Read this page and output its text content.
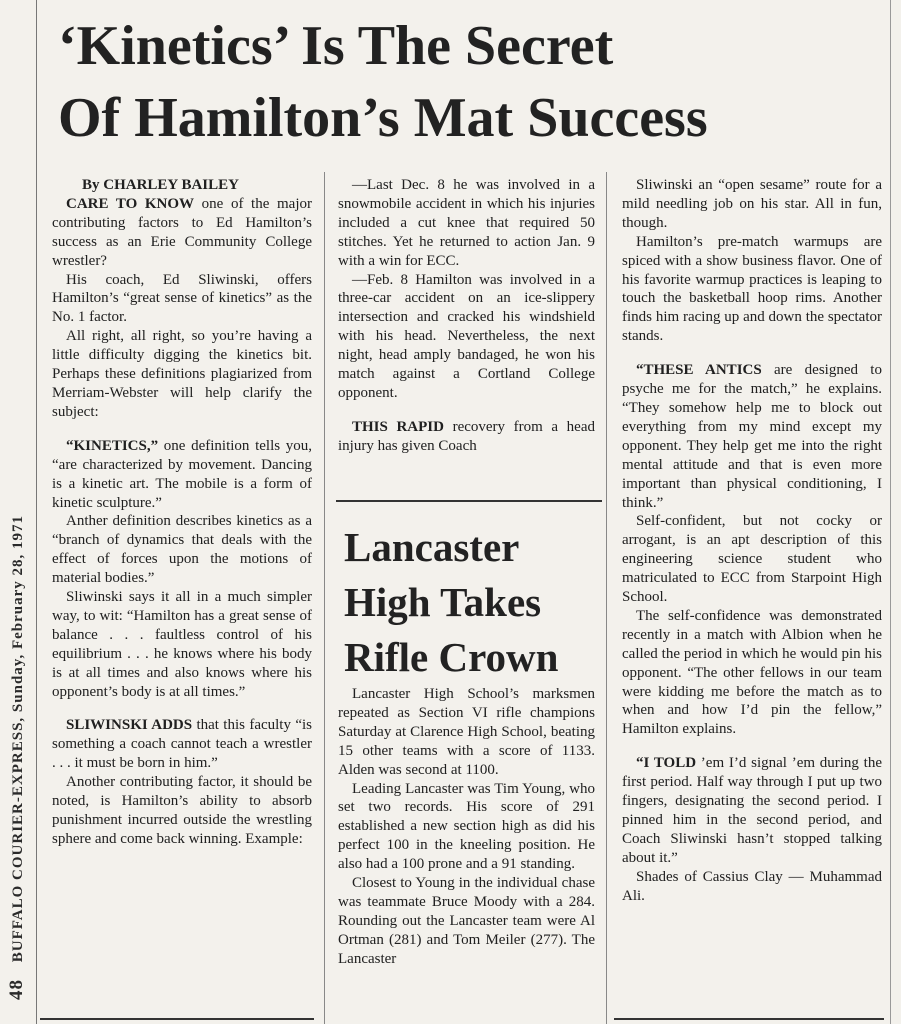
48 BUFFALO COURIER-EXPRESS, Sunday, February 28, 1971
‘Kinetics’ Is The Secret
Of Hamilton’s Mat Success

By CHARLEY BAILEY

CARE TO KNOW one of the major contributing factors to Ed Hamilton’s success as an Erie Community College wrestler?

His coach, Ed Sliwinski, offers Hamilton’s “great sense of kinetics” as the No. 1 factor.

All right, all right, so you’re having a little difficulty digging the kinetics bit. Perhaps these definitions plagiarized from Merriam-Webster will help clarify the subject:

“KINETICS,” one definition tells you, “are characterized by movement. Dancing is a kinetic art. The mobile is a form of kinetic sculpture.”

Anther definition describes kinetics as a “branch of dynamics that deals with the effect of forces upon the motions of material bodies.”

Sliwinski says it all in a much simpler way, to wit: “Hamilton has a great sense of balance . . . faultless control of his equilibrium . . . he knows where his body is at all times and also knows where his opponent’s body is at all times.”

SLIWINSKI ADDS that this faculty “is something a coach cannot teach a wrestler . . . it must be born in him.”

Another contributing factor, it should be noted, is Hamilton’s ability to absorb punishment incurred outside the wrestling sphere and come back winning. Example:

—Last Dec. 8 he was involved in a snowmobile accident in which his injuries included a cut knee that required 50 stitches. Yet he returned to action Jan. 9 with a win for ECC.

—Feb. 8 Hamilton was involved in a three-car accident on an ice-slippery intersection and cracked his windshield with his head. Nevertheless, the next night, head amply bandaged, he won his match against a Cortland College opponent.

THIS RAPID recovery from a head injury has given Coach

Lancaster
High Takes
Rifle Crown

Lancaster High School’s marksmen repeated as Section VI rifle champions Saturday at Clarence High School, beating 15 other teams with a score of 1133. Alden was second at 1100.

Leading Lancaster was Tim Young, who set two records. His score of 291 established a new section high as did his perfect 100 in the kneeling position. He also had a 100 prone and a 91 standing.

Closest to Young in the individual chase was teammate Bruce Moody with a 284. Rounding out the Lancaster team were Al Ortman (281) and Tom Meiler (277). The Lancaster

Sliwinski an “open sesame” route for a mild needling job on his star. All in fun, though.

Hamilton’s pre-match warmups are spiced with a show business flavor. One of his favorite warmup practices is leaping to touch the basketball hoop rims. Another finds him racing up and down the spectator stands.

“THESE ANTICS are designed to psyche me for the match,” he explains. “They somehow help me to block out everything from my mind except my opponent. They help get me into the right mental attitude and that is even more important than physical conditioning, I think.”

Self-confident, but not cocky or arrogant, is an apt description of this engineering science student who matriculated to ECC from Starpoint High School.

The self-confidence was demonstrated recently in a match with Albion when he called the period in which he would pin his opponent. “The other fellows in our team were kidding me before the match as to when and how I’d pin the fellow,” Hamilton explains.

“I TOLD ’em I’d signal ’em during the first period. Half way through I put up two fingers, designating the second period. I pinned him in the second period, and Coach Sliwinski hasn’t stopped talking about it.”

Shades of Cassius Clay — Muhammad Ali.
